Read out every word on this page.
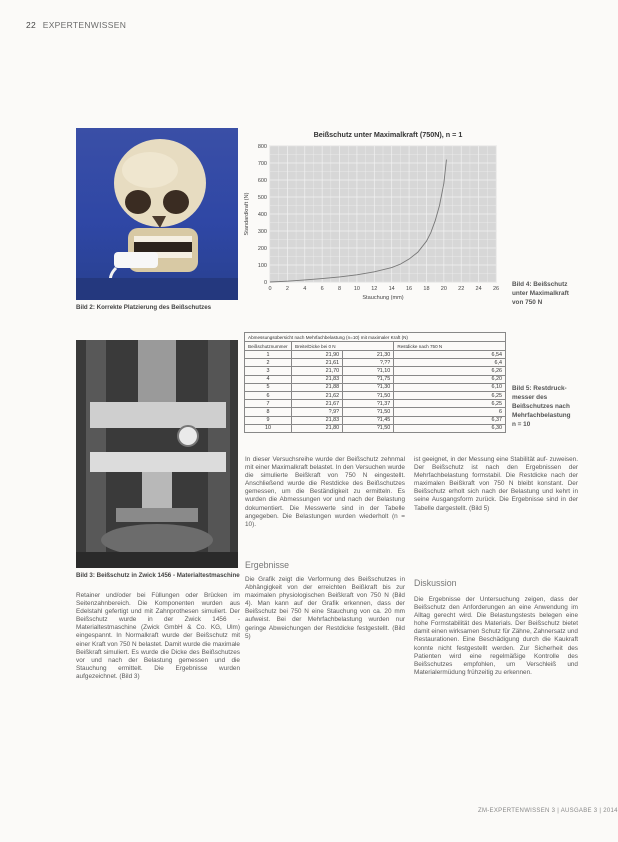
22 EXPERTENWISSEN
Bild 2: Korrekte Platzierung des Beißschutzes
Bild 3: Beißschutz in Zwick 1456 - Materialtestmaschine
Beißschutz unter Maximalkraft (750N), n = 1
0	2	4	6	8 10 12 14 16 18 20 22 24 26
0
100
200
300
400
500
600
700
800
Stauchung (mm)
Standardkraft (N)
Bild 4: Beißschutz
unter Maximalkraft
von 750 N
Abmessungsübersicht nach Mehrfachbelastung (n=10) mit maximaler Kraft (N)			
Beißschutznummer	Breite/Dicke bei 0 N		Restdicke nach 750 N
1	21,90	21,30	6,54
2	21,61	?,??	6,4
3	21,70	?1,10	6,26
4	21,83	?1,75	6,20
5	21,88	?1,30	6,10
6	21,62	?1,50	6,25
7	21,67	?1,37	6,25
8	?,9?	?1,50	6
9	21,83	?1,45	6,37
10	21,80	?1,50	6,30
Bild 5: Restdruck-
messer des
Beißschutzes nach
Mehrfachbelastung
n = 10
Retainer und/oder bei Füllungen oder Brücken im Seitenzahnbereich. Die Komponenten wurden aus Edelstahl gefertigt und mit Zahnprothesen simuliert. Der Beißschutz wurde in der Zwick 1456 - Materialtestmaschine (Zwick GmbH & Co. KG, Ulm) eingespannt. In Normalkraft wurde der Beißschutz mit einer Kraft von 750 N belastet. Damit wurde die maximale Beißkraft simuliert. Es wurde die Dicke des Beißschutzes vor und nach der Belastung gemessen und die Stauchung ermittelt. Die Ergebnisse wurden aufgezeichnet. (Bild 3)
In dieser Versuchsreihe wurde der Beißschutz zehnmal mit einer Maximalkraft belastet. In den Versuchen wurde die simulierte Beißkraft von 750 N eingestellt. Anschließend wurde die Restdicke des Beißschutzes gemessen, um die Beständigkeit zu ermitteln. Es wurden die Abmessungen vor und nach der Belastung dokumentiert. Die Messwerte sind in der Tabelle angegeben. Die Belastungen wurden wiederholt (n = 10).
Ergebnisse
Die Grafik zeigt die Verformung des Beißschutzes in Abhängigkeit von der erreichten Beißkraft bis zur maximalen physiologischen Beißkraft von 750 N (Bild 4). Man kann auf der Grafik erkennen, dass der Beißschutz bei 750 N eine Stauchung von ca. 20 mm aufweist. Bei der Mehrfachbelastung wurden nur geringe Abweichungen der Restdicke festgestellt. (Bild 5)
ist geeignet, in der Messung eine Stabilität auf- zuweisen. Der Beißschutz ist nach den Ergebnissen der Mehrfachbelastung formstabil. Die Restdicke nach der maximalen Beißkraft von 750 N bleibt konstant. Der Beißschutz erholt sich nach der Belastung und kehrt in seine Ausgangsform zurück. Die Ergebnisse sind in der Tabelle dargestellt. (Bild 5)
Diskussion
Die Ergebnisse der Untersuchung zeigen, dass der Beißschutz den Anforderungen an eine Anwendung im Alltag gerecht wird. Die Belastungstests belegen eine hohe Formstabilität des Materials. Der Beißschutz bietet damit einen wirksamen Schutz für Zähne, Zahnersatz und Restaurationen. Eine Beschädigung durch die Kaukraft konnte nicht festgestellt werden. Zur Sicherheit des Patienten wird eine regelmäßige Kontrolle des Beißschutzes empfohlen, um Verschleiß und Materialermüdung frühzeitig zu erkennen.
ZM-EXPERTENWISSEN 3 | AUSGABE 3 | 2014
